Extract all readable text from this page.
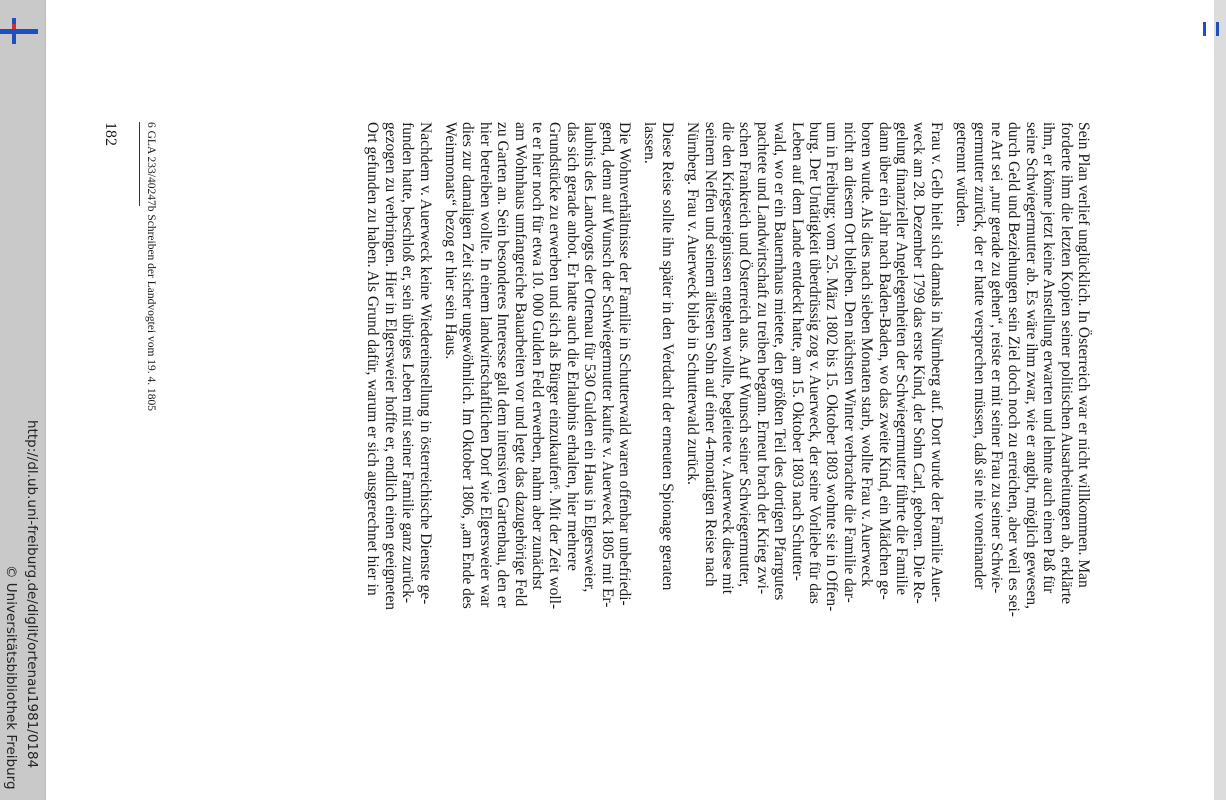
Sein Plan verlief unglücklich. In Österreich war er nicht willkommen. Man
forderte ihm die letzten Kopien seiner politischen Ausarbeitungen ab, erklärte
ihm, er könne jetzt keine Anstellung erwarten und lehnte auch einen Paß für
seine Schwiegermutter ab. Es wäre ihm zwar, wie er angibt, möglich gewesen,
durch Geld und Beziehungen sein Ziel doch noch zu erreichen, aber weil es sei-
ne Art sei „nur gerade zu gehen“, reiste er mit seiner Frau zu seiner Schwie-
germutter zurück, der er hatte versprechen müssen, daß sie nie voneinander
getrennt würden.
Frau v. Gelb hielt sich damals in Nürnberg auf. Dort wurde der Familie Auer-
weck am 28. Dezember 1799 das erste Kind, der Sohn Carl, geboren. Die Re-
gelung finanzieller Angelegenheiten der Schwiegermutter führte die Familie
dann über ein Jahr nach Baden-Baden, wo das zweite Kind, ein Mädchen ge-
boren wurde. Als dies nach sieben Monaten starb, wollte Frau v. Auerweck
nicht an diesem Ort bleiben. Den nächsten Winter verbrachte die Familie dar-
um in Freiburg; vom 25. März 1802 bis 15. Oktober 1803 wohnte sie in Offen-
burg. Der Untätigkeit überdrüssig zog v. Auerweck, der seine Vorliebe für das
Leben auf dem Lande entdeckt hatte, am 15. Oktober 1803 nach Schutter-
wald, wo er ein Bauernhaus mietete, den größten Teil des dortigen Pfarrgutes
pachtete und Landwirtschaft zu treiben begann. Erneut brach der Krieg zwi-
schen Frankreich und Österreich aus. Auf Wunsch seiner Schwiegermutter,
die den Kriegsereignissen entgehen wollte, begleitete v. Auerweck diese mit
seinem Neffen und seinem ältesten Sohn auf einer 4-monatigen Reise nach
Nürnberg. Frau v. Auerweck blieb in Schutterwald zurück.
Diese Reise sollte ihn später in den Verdacht der erneuten Spionage geraten
lassen.
Die Wohnverhältnisse der Familie in Schutterwald waren offenbar unbefriedi-
gend, denn auf Wunsch der Schwiegermutter kaufte v. Auerweck 1805 mit Er-
laubnis des Landvogts der Ortenau für 530 Gulden ein Haus in Elgersweier,
das sich gerade anbot. Er hatte auch die Erlaubnis erhalten, hier mehrere
Grundstücke zu erwerben und sich als Bürger einzukaufen⁶. Mit der Zeit woll-
te er hier noch für etwa 10. 000 Gulden Feld erwerben, nahm aber zunächst
am Wohnhaus umfangreiche Bauarbeiten vor und legte das dazugehörige Feld
zu Garten an. Sein besonderes Interesse galt dem intensiven Gartenbau, den er
hier betreiben wollte. In einem landwirtschaftlichen Dorf wie Elgersweier war
dies zur damaligen Zeit sicher ungewöhnlich. Im Oktober 1806, „am Ende des
Weinmonats“ bezog er hier sein Haus.
Nachdem v. Auerweck keine Wiedereinstellung in österreichische Dienste ge-
funden hatte, beschloß er, sein übriges Leben mit seiner Familie ganz zurück-
gezogen zu verbringen. Hier in Elgersweier hoffte er, endlich einen geeigneten
Ort gefunden zu haben. Als Grund dafür, warum er sich ausgerechnet hier in
6 GLA 233/40247b Schreiben der Landvogtei vom 19. 4. 1805
182
http://dl.ub.uni-freiburg.de/diglit/ortenau1981/0184
© Universitätsbibliothek Freiburg
